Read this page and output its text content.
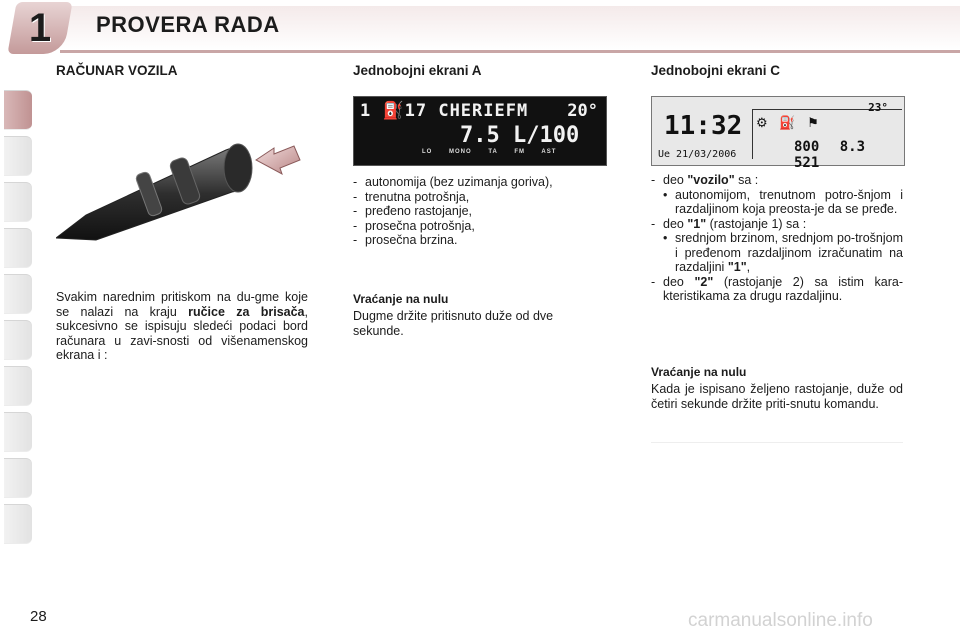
1	PROVERA RADA
RAČUNAR VOZILA
Svakim narednim pritiskom na du-gme koje se nalazi na kraju ručice za brisača, sukcesivno se ispisuju sledeći podaci bord računara u zavi-snosti od višenamenskog ekrana i :
Jednobojni ekrani A
1 ⛽17 CHERIEFM 20°
7.5 L/100
LO MONO TA FM AST
- autonomija (bez uzimanja goriva),
- trenutna potrošnja,
- pređeno rastojanje,
- prosečna potrošnja,
- prosečna brzina.
Vraćanje na nulu
Dugme držite pritisnuto duže od dve sekunde.
Jednobojni ekrani C
11:32
Ue 21/03/2006
23°
⚙ ⛽ ⚑
800 8.3 521
- deo "vozilo" sa :
• autonomijom, trenutnom potro-šnjom i razdaljinom koja preosta-je da se pređe.
- deo "1" (rastojanje 1) sa :
• srednjom brzinom, srednjom po-trošnjom i pređenom razdaljinom izračunatim na razdaljini "1",
- deo "2" (rastojanje 2) sa istim kara-kteristikama za drugu razdaljinu.
Vraćanje na nulu
Kada je ispisano željeno rastojanje, duže od četiri sekunde držite priti-snutu komandu.
28	carmanualsonline.info
